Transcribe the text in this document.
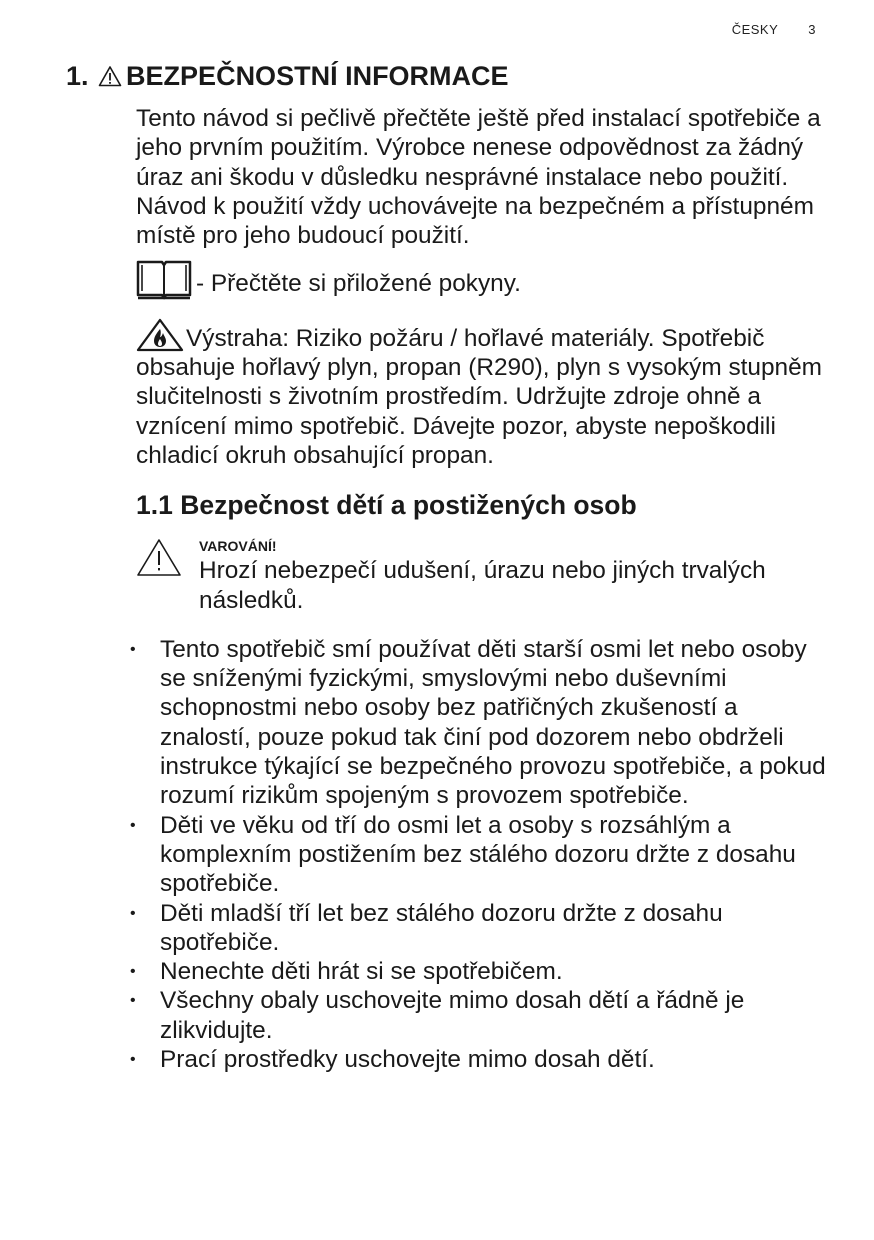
ČESKY 3
1. BEZPEČNOSTNÍ INFORMACE

Tento návod si pečlivě přečtěte ještě před instalací spotřebiče a jeho prvním použitím. Výrobce nenese odpovědnost za žádný úraz ani škodu v důsledku nesprávné instalace nebo použití. Návod k použití vždy uchovávejte na bezpečném a přístupném místě pro jeho budoucí použití.

- Přečtěte si přiložené pokyny.
Výstraha: Riziko požáru / hořlavé materiály. Spotřebič obsahuje hořlavý plyn, propan (R290), plyn s vysokým stupněm slučitelnosti s životním prostředím. Udržujte zdroje ohně a vznícení mimo spotřebič. Dávejte pozor, abyste nepoškodili chladicí okruh obsahující propan.
1.1 Bezpečnost dětí a postižených osob
VAROVÁNÍ!
Hrozí nebezpečí udušení, úrazu nebo jiných trvalých následků.
• Tento spotřebič smí používat děti starší osmi let nebo osoby se sníženými fyzickými, smyslovými nebo duševními schopnostmi nebo osoby bez patřičných zkušeností a znalostí, pouze pokud tak činí pod dozorem nebo obdrželi instrukce týkající se bezpečného provozu spotřebiče, a pokud rozumí rizikům spojeným s provozem spotřebiče.
• Děti ve věku od tří do osmi let a osoby s rozsáhlým a komplexním postižením bez stálého dozoru držte z dosahu spotřebiče.
• Děti mladší tří let bez stálého dozoru držte z dosahu spotřebiče.
• Nenechte děti hrát si se spotřebičem.
• Všechny obaly uschovejte mimo dosah dětí a řádně je zlikvidujte.
• Prací prostředky uschovejte mimo dosah dětí.
